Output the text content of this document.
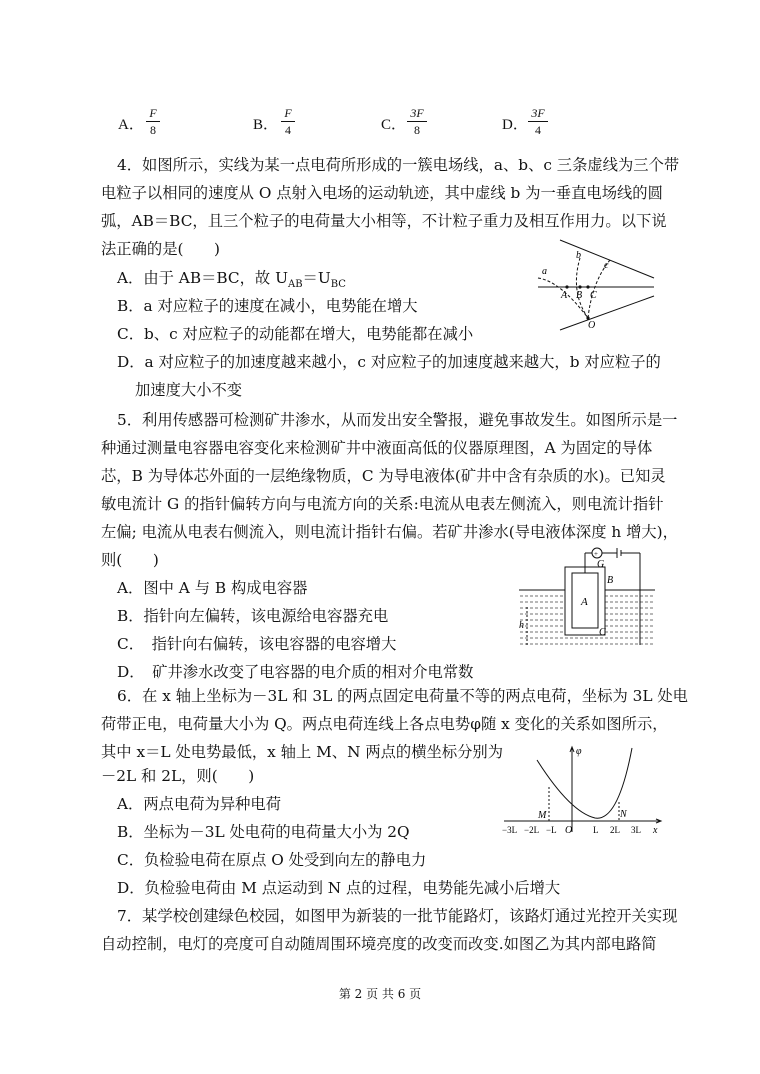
A．
F
8	B．
F
4	C．
3F
8	D．
3F
4
4．如图所示，实线为某一点电荷所形成的一簇电场线，a、b、c 三条虚线为三个带
电粒子以相同的速度从 O 点射入电场的运动轨迹，其中虚线 b 为一垂直电场线的圆
弧，AB＝BC，且三个粒子的电荷量大小相等，不计粒子重力及相互作用力。以下说
法正确的是(　　)
A．由于 AB＝BC，故 $U_{AB}=U_{BC}$
B．a 对应粒子的速度在减小，电势能在增大
C．b、c 对应粒子的动能都在增大，电势能都在减小
D．a 对应粒子的加速度越来越小，c 对应粒子的加速度越来越大，b 对应粒子的
加速度大小不变
a
b
c
A B C
O
5．利用传感器可检测矿井渗水，从而发出安全警报，避免事故发生。如图所示是一
种通过测量电容器电容变化来检测矿井中液面高低的仪器原理图，A 为固定的导体
芯，B 为导体芯外面的一层绝缘物质，C 为导电液体(矿井中含有杂质的水)。已知灵
敏电流计 G 的指针偏转方向与电流方向的关系:电流从电表左侧流入，则电流计指针
左偏; 电流从电表右侧流入，则电流计指针右偏。若矿井渗水(导电液体深度 h 增大)，
则(　　)
A．图中 A 与 B 构成电容器
B．指针向左偏转，该电源给电容器充电
C．　指针向右偏转，该电容器的电容增大
D．　矿井渗水改变了电容器的电介质的相对介电常数
+
G
A
B
C
h
6．在 x 轴上坐标为－3L 和 3L 的两点固定电荷量不等的两点电荷，坐标为 3L 处电
荷带正电，电荷量大小为 Q。两点电荷连线上各点电势φ随 x 变化的关系如图所示，
其中 x＝L 处电势最低，x 轴上 M、N 两点的横坐标分别为
－2L 和 2L，则(　　)
A．两点电荷为异种电荷
B．坐标为－3L 处电荷的电荷量大小为 2Q
C．负检验电荷在原点 O 处受到向左的静电力
D．负检验电荷由 M 点运动到 N 点的过程，电势能先减小后增大
φ
x
M	N
O
−3L −2L −L	L 2L 3L
7．某学校创建绿色校园，如图甲为新装的一批节能路灯，该路灯通过光控开关实现
自动控制，电灯的亮度可自动随周围环境亮度的改变而改变.如图乙为其内部电路简
第 2 页 共 6 页
